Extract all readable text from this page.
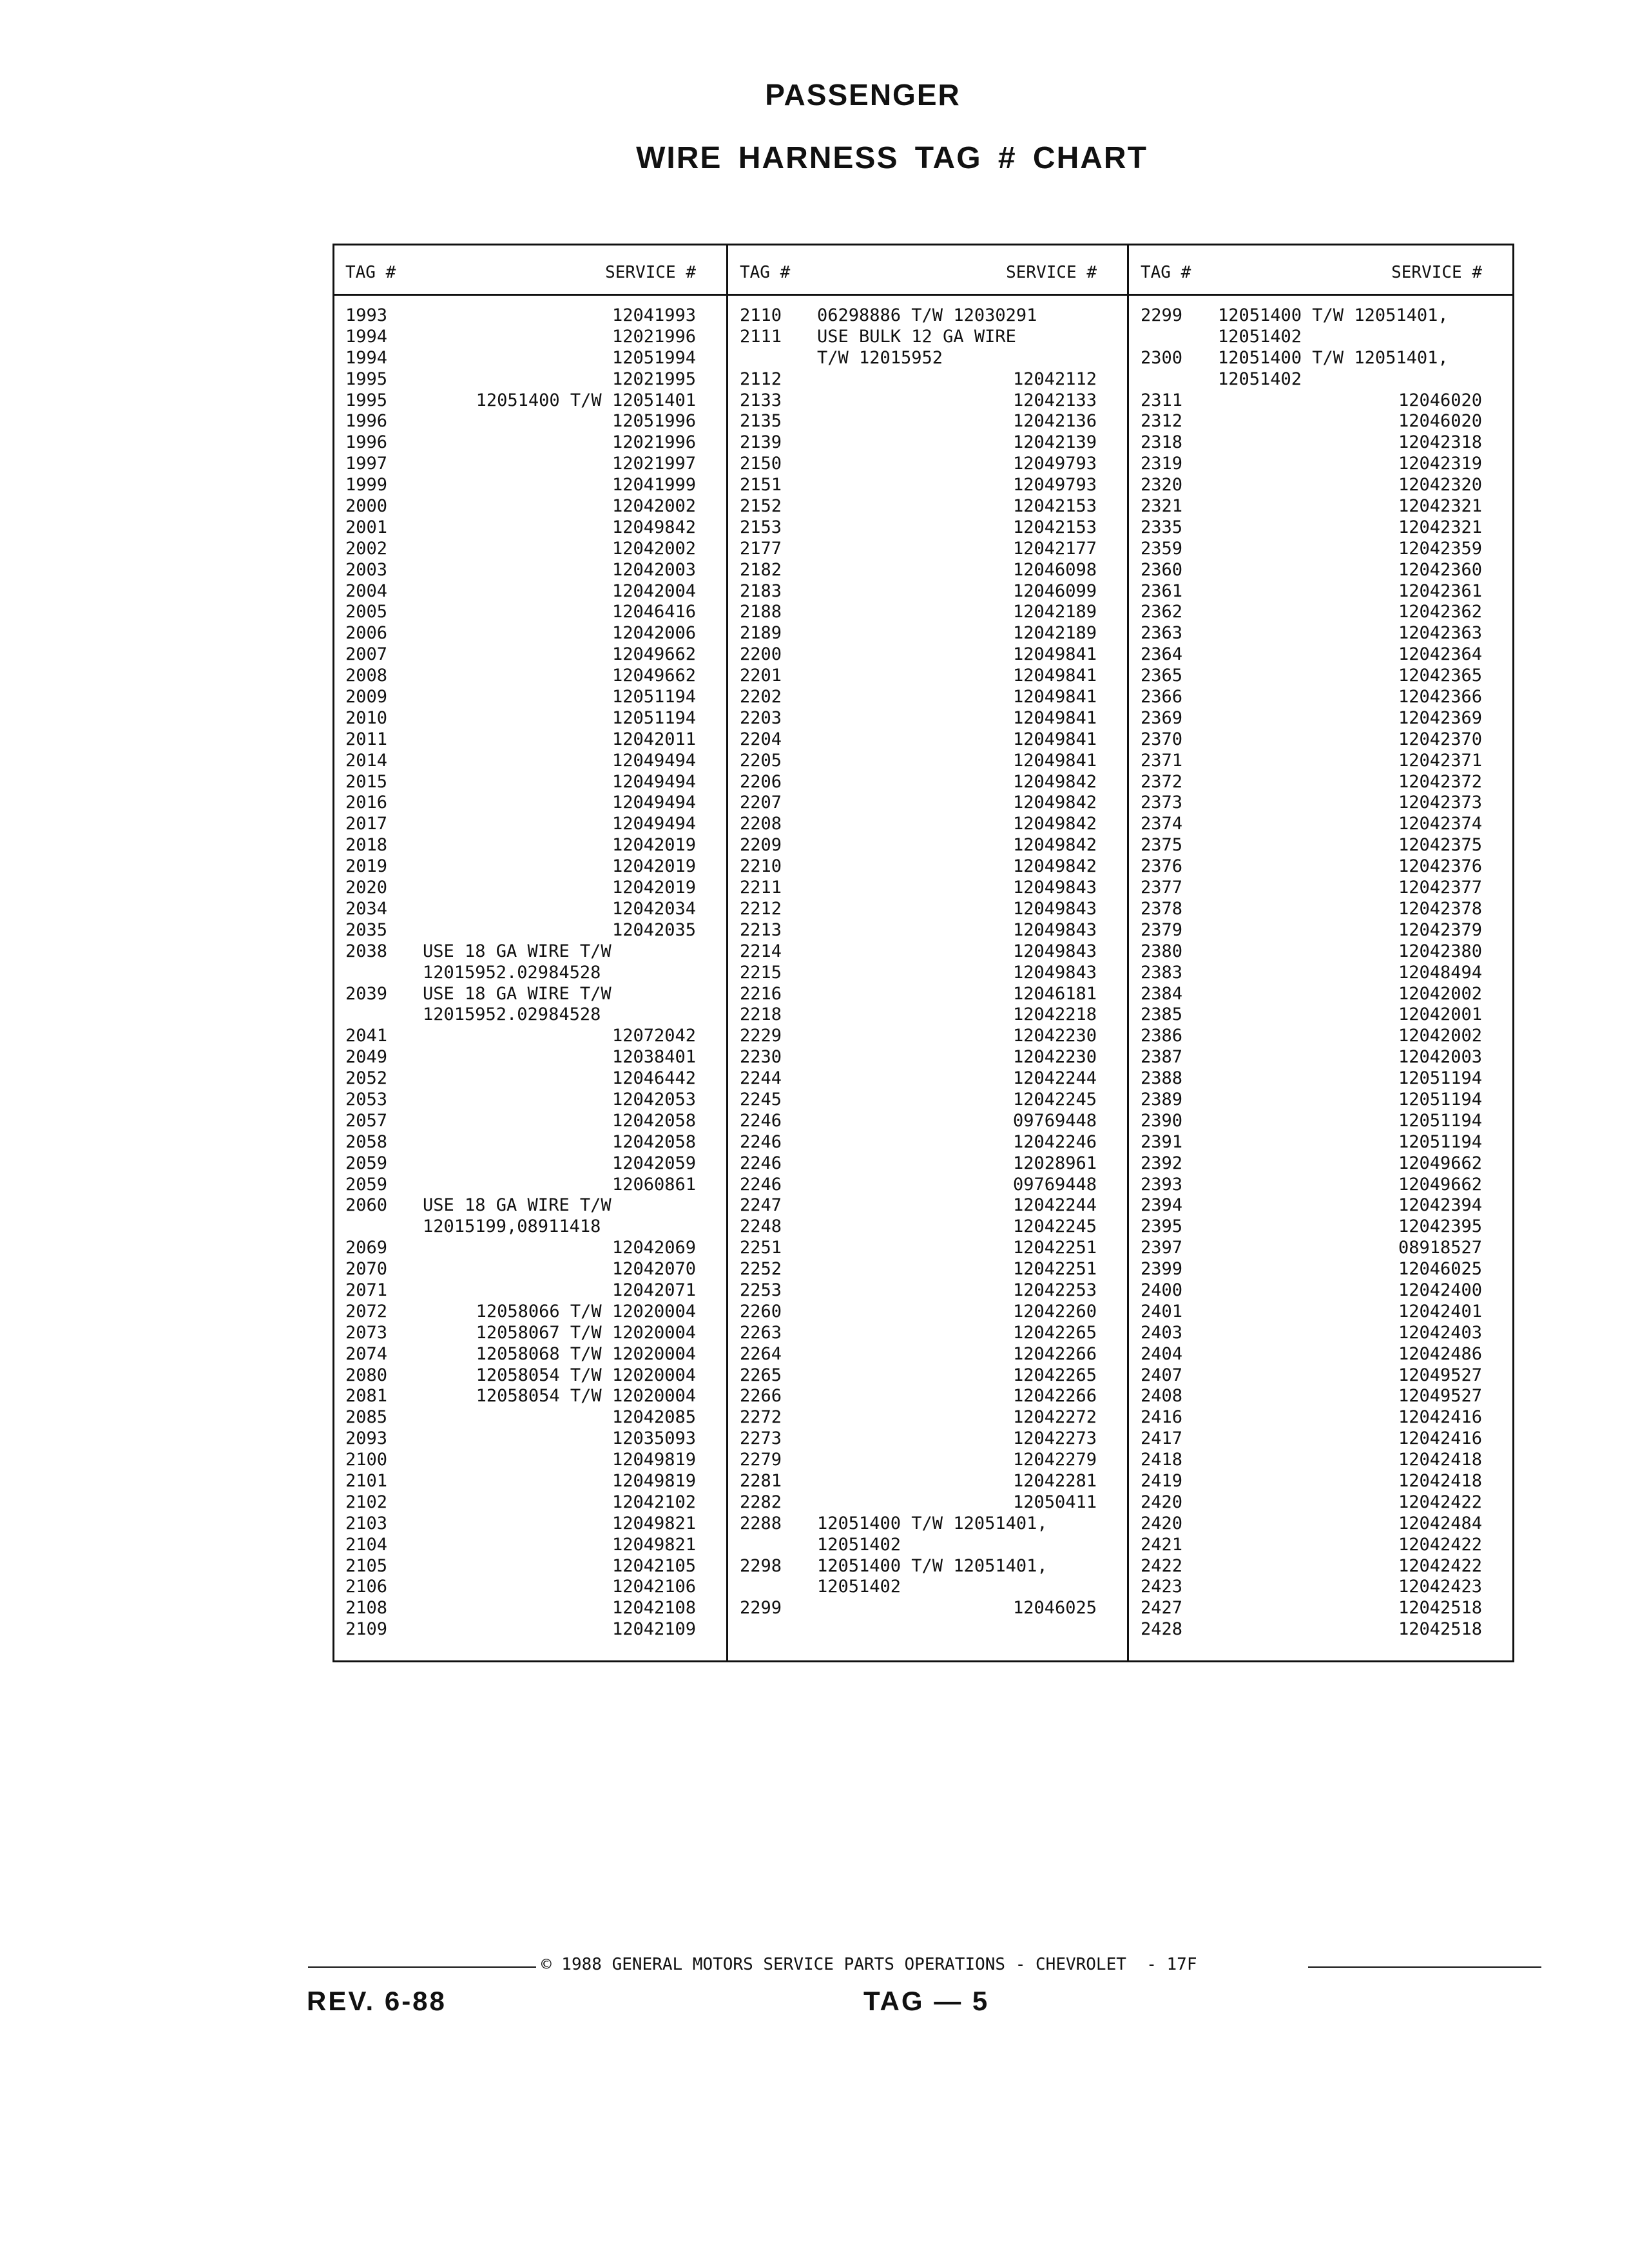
PASSENGER
WIRE HARNESS TAG # CHART
TAG #	SERVICE #
1993	12041993
1994	12021996
1994	12051994
1995	12021995
1995	12051400 T/W 12051401
1996	12051996
1996	12021996
1997	12021997
1999	12041999
2000	12042002
2001	12049842
2002	12042002
2003	12042003
2004	12042004
2005	12046416
2006	12042006
2007	12049662
2008	12049662
2009	12051194
2010	12051194
2011	12042011
2014	12049494
2015	12049494
2016	12049494
2017	12049494
2018	12042019
2019	12042019
2020	12042019
2034	12042034
2035	12042035
2038	USE 18 GA WIRE T/W
12015952.02984528
2039	USE 18 GA WIRE T/W
12015952.02984528
2041	12072042
2049	12038401
2052	12046442
2053	12042053
2057	12042058
2058	12042058
2059	12042059
2059	12060861
2060	USE 18 GA WIRE T/W
12015199,08911418
2069	12042069
2070	12042070
2071	12042071
2072	12058066 T/W 12020004
2073	12058067 T/W 12020004
2074	12058068 T/W 12020004
2080	12058054 T/W 12020004
2081	12058054 T/W 12020004
2085	12042085
2093	12035093
2100	12049819
2101	12049819
2102	12042102
2103	12049821
2104	12049821
2105	12042105
2106	12042106
2108	12042108
2109	12042109
TAG #	SERVICE #
2110	06298886 T/W 12030291
2111	USE BULK 12 GA WIRE
T/W 12015952
2112	12042112
2133	12042133
2135	12042136
2139	12042139
2150	12049793
2151	12049793
2152	12042153
2153	12042153
2177	12042177
2182	12046098
2183	12046099
2188	12042189
2189	12042189
2200	12049841
2201	12049841
2202	12049841
2203	12049841
2204	12049841
2205	12049841
2206	12049842
2207	12049842
2208	12049842
2209	12049842
2210	12049842
2211	12049843
2212	12049843
2213	12049843
2214	12049843
2215	12049843
2216	12046181
2218	12042218
2229	12042230
2230	12042230
2244	12042244
2245	12042245
2246	09769448
2246	12042246
2246	12028961
2246	09769448
2247	12042244
2248	12042245
2251	12042251
2252	12042251
2253	12042253
2260	12042260
2263	12042265
2264	12042266
2265	12042265
2266	12042266
2272	12042272
2273	12042273
2279	12042279
2281	12042281
2282	12050411
2288	12051400 T/W 12051401,
12051402
2298	12051400 T/W 12051401,
12051402
2299	12046025
TAG #	SERVICE #
2299	12051400 T/W 12051401,
12051402
2300	12051400 T/W 12051401,
12051402
2311	12046020
2312	12046020
2318	12042318
2319	12042319
2320	12042320
2321	12042321
2335	12042321
2359	12042359
2360	12042360
2361	12042361
2362	12042362
2363	12042363
2364	12042364
2365	12042365
2366	12042366
2369	12042369
2370	12042370
2371	12042371
2372	12042372
2373	12042373
2374	12042374
2375	12042375
2376	12042376
2377	12042377
2378	12042378
2379	12042379
2380	12042380
2383	12048494
2384	12042002
2385	12042001
2386	12042002
2387	12042003
2388	12051194
2389	12051194
2390	12051194
2391	12051194
2392	12049662
2393	12049662
2394	12042394
2395	12042395
2397	08918527
2399	12046025
2400	12042400
2401	12042401
2403	12042403
2404	12042486
2407	12049527
2408	12049527
2416	12042416
2417	12042416
2418	12042418
2419	12042418
2420	12042422
2420	12042484
2421	12042422
2422	12042422
2423	12042423
2427	12042518
2428	12042518
© 1988 GENERAL MOTORS SERVICE PARTS OPERATIONS - CHEVROLET  - 17F
REV. 6-88	TAG — 5
